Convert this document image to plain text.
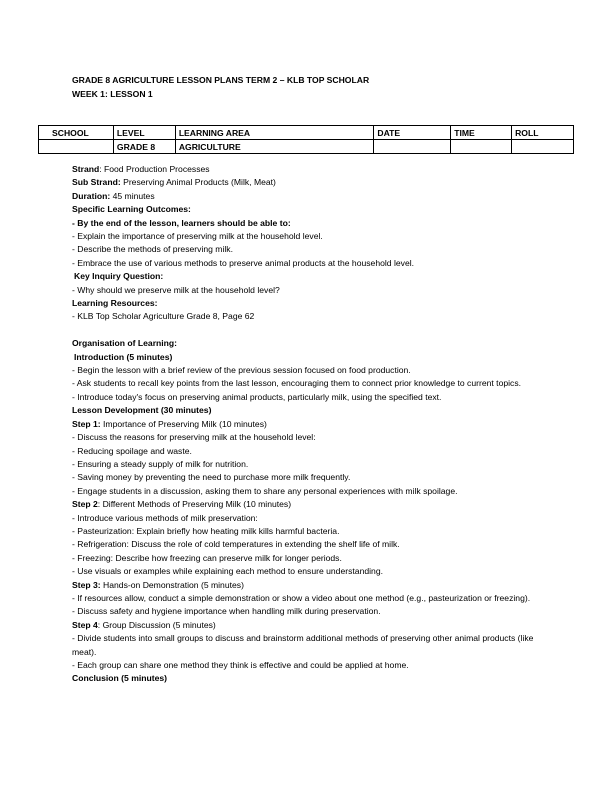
GRADE 8 AGRICULTURE LESSON PLANS TERM 2 – KLB TOP SCHOLAR
WEEK 1: LESSON 1
SCHOOL	LEVEL	LEARNING AREA	DATE	TIME	ROLL
	GRADE 8	AGRICULTURE			
Strand: Food Production Processes
Sub Strand: Preserving Animal Products (Milk, Meat)
Duration: 45 minutes
Specific Learning Outcomes:
- By the end of the lesson, learners should be able to:
- Explain the importance of preserving milk at the household level.
- Describe the methods of preserving milk.
- Embrace the use of various methods to preserve animal products at the household level.
Key Inquiry Question:
- Why should we preserve milk at the household level?
Learning Resources:
- KLB Top Scholar Agriculture Grade 8, Page 62
Organisation of Learning:
Introduction (5 minutes)
- Begin the lesson with a brief review of the previous session focused on food production.
- Ask students to recall key points from the last lesson, encouraging them to connect prior knowledge to current topics.
- Introduce today's focus on preserving animal products, particularly milk, using the specified text.
Lesson Development (30 minutes)
Step 1: Importance of Preserving Milk (10 minutes)
- Discuss the reasons for preserving milk at the household level:
- Reducing spoilage and waste.
- Ensuring a steady supply of milk for nutrition.
- Saving money by preventing the need to purchase more milk frequently.
- Engage students in a discussion, asking them to share any personal experiences with milk spoilage.
Step 2: Different Methods of Preserving Milk (10 minutes)
- Introduce various methods of milk preservation:
- Pasteurization: Explain briefly how heating milk kills harmful bacteria.
- Refrigeration: Discuss the role of cold temperatures in extending the shelf life of milk.
- Freezing: Describe how freezing can preserve milk for longer periods.
- Use visuals or examples while explaining each method to ensure understanding.
Step 3: Hands-on Demonstration (5 minutes)
- If resources allow, conduct a simple demonstration or show a video about one method (e.g., pasteurization or freezing).
- Discuss safety and hygiene importance when handling milk during preservation.
Step 4: Group Discussion (5 minutes)
- Divide students into small groups to discuss and brainstorm additional methods of preserving other animal products (like meat).
- Each group can share one method they think is effective and could be applied at home.
Conclusion (5 minutes)
